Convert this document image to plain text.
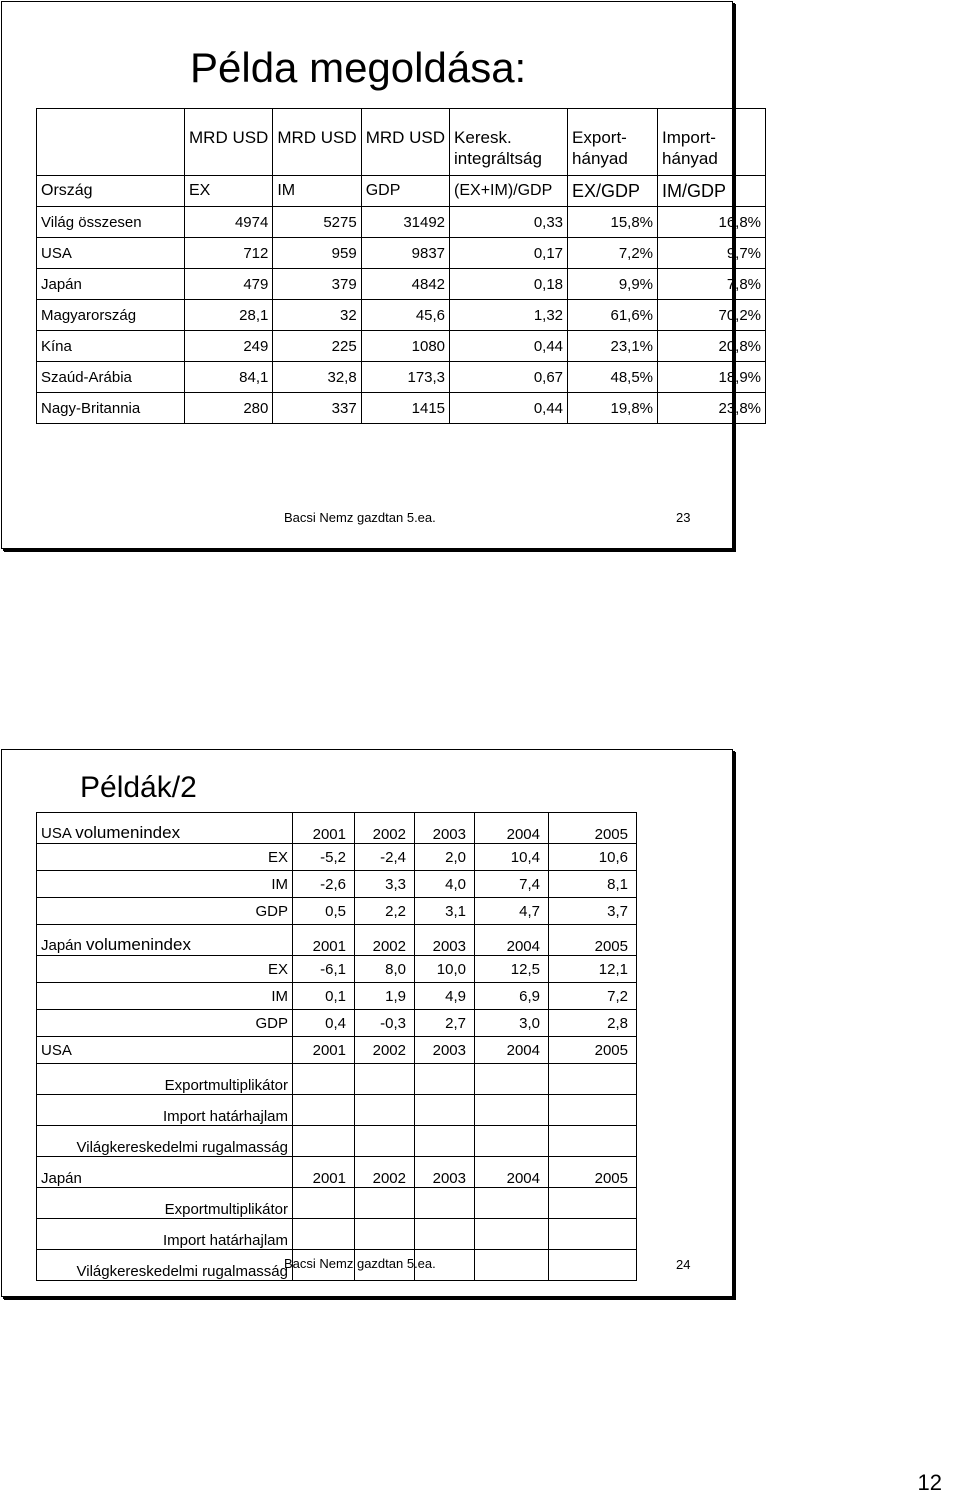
Példa megoldása:
	MRD USD	MRD USD	MRD USD	Keresk. integráltság	Export-hányad	Import-hányad
Ország	EX	IM	GDP	(EX+IM)/GDP	EX/GDP	IM/GDP
Világ összesen	4974	5275	31492	0,33	15,8%	16,8%
USA	712	959	9837	0,17	7,2%	9,7%
Japán	479	379	4842	0,18	9,9%	7,8%
Magyarország	28,1	32	45,6	1,32	61,6%	70,2%
Kína	249	225	1080	0,44	23,1%	20,8%
Szaúd-Arábia	84,1	32,8	173,3	0,67	48,5%	18,9%
Nagy-Britannia	280	337	1415	0,44	19,8%	23,8%
Bacsi Nemz gazdtan 5.ea.	23
Példák/2
USA volumenindex	2001	2002	2003	2004	2005
EX	-5,2	-2,4	2,0	10,4	10,6
IM	-2,6	3,3	4,0	7,4	8,1
GDP	0,5	2,2	3,1	4,7	3,7
Japán volumenindex	2001	2002	2003	2004	2005
EX	-6,1	8,0	10,0	12,5	12,1
IM	0,1	1,9	4,9	6,9	7,2
GDP	0,4	-0,3	2,7	3,0	2,8
USA	2001	2002	2003	2004	2005
Exportmultiplikátor					
Import határhajlam					
Világkereskedelmi rugalmasság					
Japán	2001	2002	2003	2004	2005
Exportmultiplikátor					
Import határhajlam					
Világkereskedelmi rugalmasság					
Bacsi Nemz gazdtan 5.ea.	24
12
